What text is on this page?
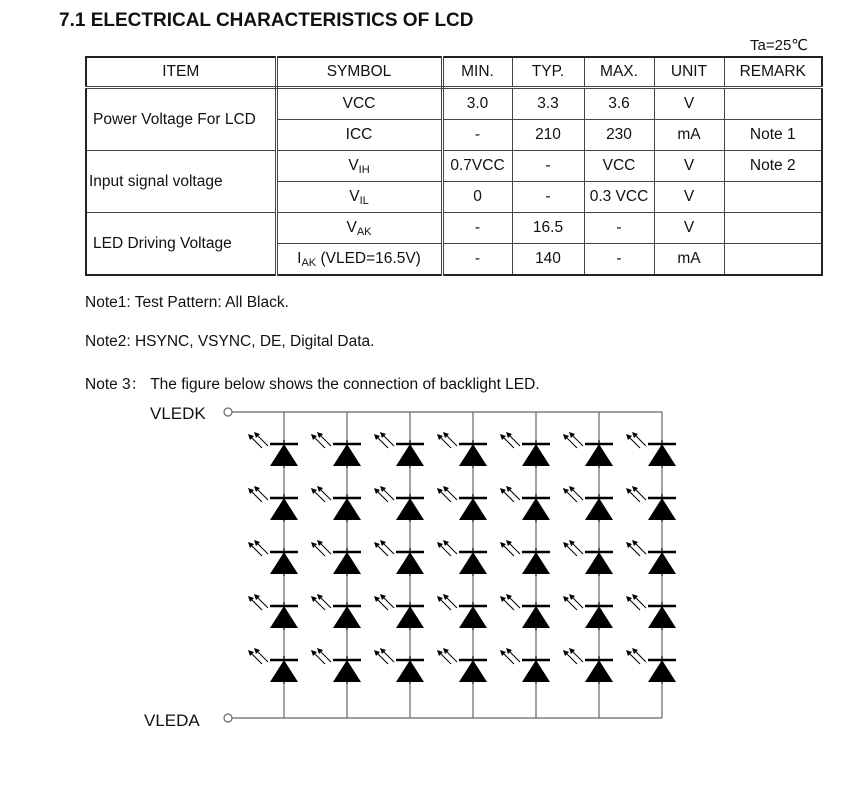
7.1 ELECTRICAL CHARACTERISTICS OF LCD
Ta=25℃
ITEM	SYMBOL	MIN.	TYP.	MAX.	UNIT	REMARK
Power Voltage For LCD	VCC	3.0	3.3	3.6	V	
	ICC	-	210	230	mA	Note 1
Input signal voltage	$V_{IH}$	0.7VCC	-	VCC	V	Note 2
	$V_{IL}$	0	-	0.3 VCC	V	
LED Driving Voltage	$V_{AK}$	-	16.5	-	V	
	$I_{AK}$ (VLED=16.5V)	-	140	-	mA	
Note1: Test Pattern: All Black.
Note2: HSYNC, VSYNC, DE, Digital Data.
Note 3： The figure below shows the connection of backlight LED.
VLEDK
VLEDA
